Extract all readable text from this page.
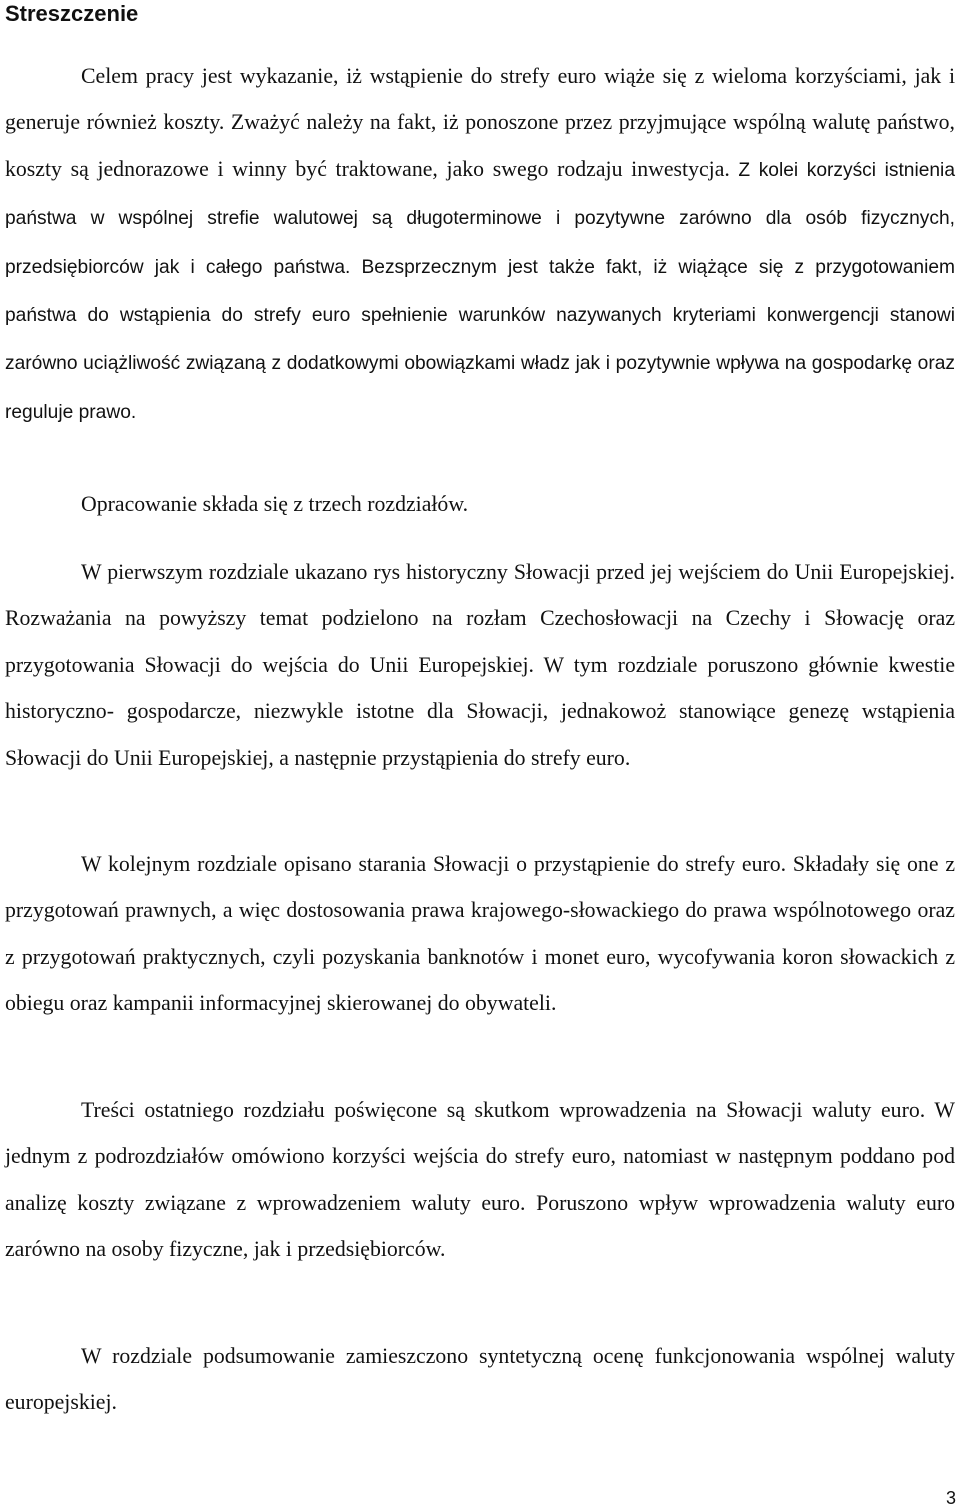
Streszczenie

Celem pracy jest wykazanie, iż wstąpienie do strefy euro wiąże się z wieloma korzyściami, jak i generuje również koszty. Zważyć należy na fakt, iż ponoszone przez przyjmujące wspólną walutę państwo, koszty są jednorazowe i winny być traktowane, jako swego rodzaju inwestycja. Z kolei korzyści istnienia państwa w wspólnej strefie walutowej są długoterminowe i pozytywne zarówno dla osób fizycznych, przedsiębiorców jak i całego państwa. Bezsprzecznym jest także fakt, iż wiążące się z przygotowaniem państwa do wstąpienia do strefy euro spełnienie warunków nazywanych kryteriami konwergencji stanowi zarówno uciążliwość związaną z dodatkowymi obowiązkami władz jak i pozytywnie wpływa na gospodarkę oraz reguluje prawo.

Opracowanie składa się z trzech rozdziałów.

W pierwszym rozdziale ukazano rys historyczny Słowacji przed jej wejściem do Unii Europejskiej. Rozważania na powyższy temat podzielono na rozłam Czechosłowacji na Czechy i Słowację oraz przygotowania Słowacji do wejścia do Unii Europejskiej. W tym rozdziale poruszono głównie kwestie historyczno- gospodarcze, niezwykle istotne dla Słowacji, jednakowoż stanowiące genezę wstąpienia Słowacji do Unii Europejskiej, a następnie przystąpienia do strefy euro.

W kolejnym rozdziale opisano starania Słowacji o przystąpienie do strefy euro. Składały się one z przygotowań prawnych, a więc dostosowania prawa krajowego-słowackiego do prawa wspólnotowego oraz z przygotowań praktycznych, czyli pozyskania banknotów i monet euro, wycofywania koron słowackich z obiegu oraz kampanii informacyjnej skierowanej do obywateli.

Treści ostatniego rozdziału poświęcone są skutkom wprowadzenia na Słowacji waluty euro. W jednym z podrozdziałów omówiono korzyści wejścia do strefy euro, natomiast w następnym poddano pod analizę koszty związane z wprowadzeniem waluty euro. Poruszono wpływ wprowadzenia waluty euro zarówno na osoby fizyczne, jak i przedsiębiorców.

W rozdziale podsumowanie zamieszczono syntetyczną ocenę funkcjonowania wspólnej waluty europejskiej.

3
